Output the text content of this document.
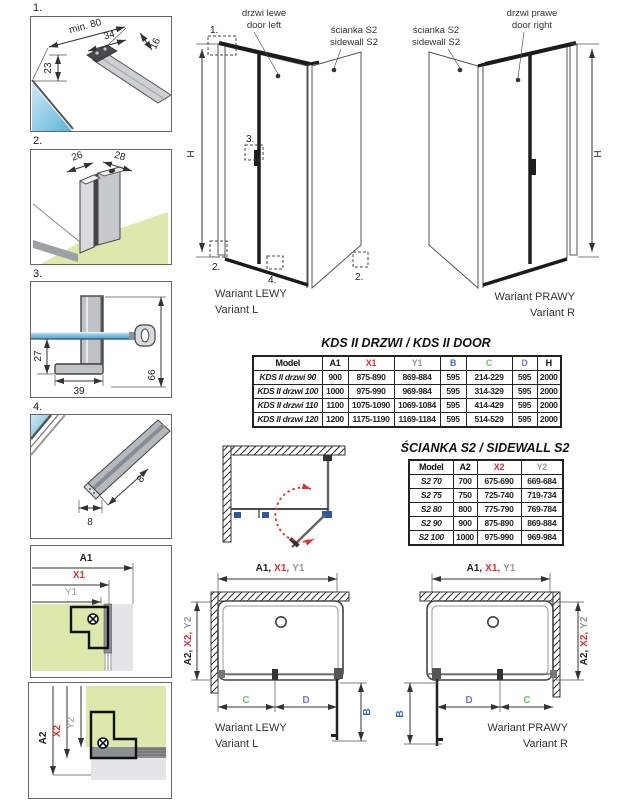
1.
min. 80 34
16
23
2.
26	28
3.
27
39
66
4.
8
8
A1
X1
Y1
A2
X2
Y2
H
drzwi lewe
door left	ścianka S2
sidewall S2
1.
3.
2.
4.	2.
Wariant LEWY
Variant L
H
drzwi prawe
door right
ścianka S2
sidewall S2
Wariant PRAWY
Variant R
KDS II DRZWI / KDS II DOOR
Model	A1	X1	Y1	B	C	D	H
KDS II drzwi 90	900	875-890	869-884	595	214-229	595	2000
KDS II drzwi 100	1000	975-990	969-984	595	314-329	595	2000
KDS II drzwi 110	1100	1075-1090	1069-1084	595	414-429	595	2000
KDS II drzwi 120	1200	1175-1190	1169-1184	595	514-529	595	2000
ŚCIANKA S2 / SIDEWALL S2
Model	A2	X2	Y2
S2 70	700	675-690	669-684
S2 75	750	725-740	719-734
S2 80	800	775-790	769-784
S2 90	900	875-890	869-884
S2 100	1000	975-990	969-984
A1, X1, Y1
C	D
B
A2,X2,Y2
Wariant LEWY
Variant L
A1, X1, Y1
B
D	C
A2,X2,Y2
Wariant PRAWY
Variant R
